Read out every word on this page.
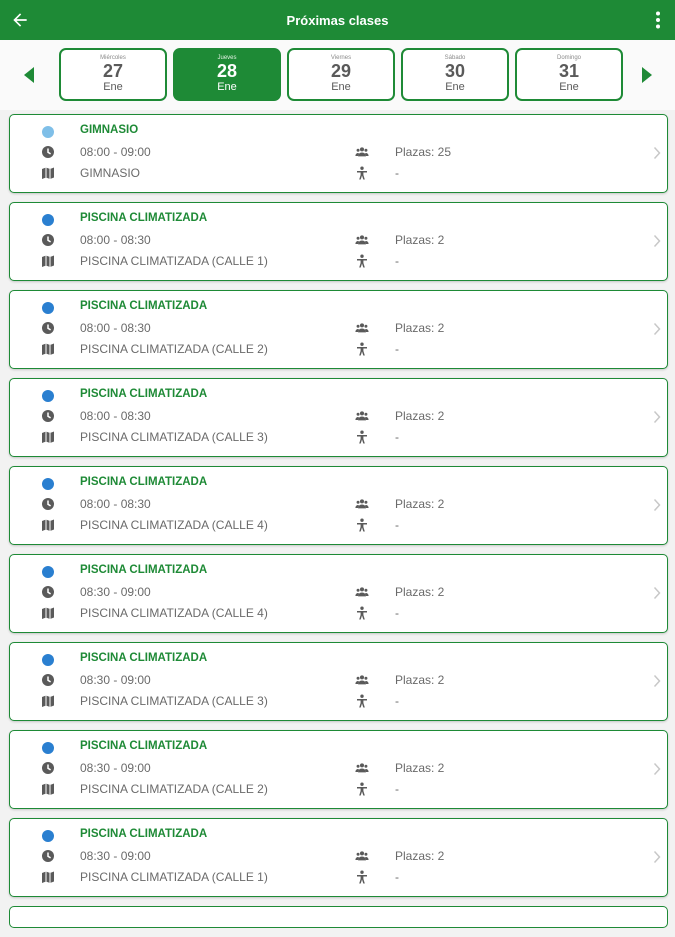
Próximas clases
Miércoles
27
Ene
Jueves
28
Ene
Viernes
29
Ene
Sábado
30
Ene
Domingo
31
Ene
GIMNASIO
08:00 - 09:00
GIMNASIO
Plazas: 25
-
PISCINA CLIMATIZADA
08:00 - 08:30
PISCINA CLIMATIZADA (CALLE 1)
Plazas: 2
-
PISCINA CLIMATIZADA
08:00 - 08:30
PISCINA CLIMATIZADA (CALLE 2)
Plazas: 2
-
PISCINA CLIMATIZADA
08:00 - 08:30
PISCINA CLIMATIZADA (CALLE 3)
Plazas: 2
-
PISCINA CLIMATIZADA
08:00 - 08:30
PISCINA CLIMATIZADA (CALLE 4)
Plazas: 2
-
PISCINA CLIMATIZADA
08:30 - 09:00
PISCINA CLIMATIZADA (CALLE 4)
Plazas: 2
-
PISCINA CLIMATIZADA
08:30 - 09:00
PISCINA CLIMATIZADA (CALLE 3)
Plazas: 2
-
PISCINA CLIMATIZADA
08:30 - 09:00
PISCINA CLIMATIZADA (CALLE 2)
Plazas: 2
-
PISCINA CLIMATIZADA
08:30 - 09:00
PISCINA CLIMATIZADA (CALLE 1)
Plazas: 2
-
